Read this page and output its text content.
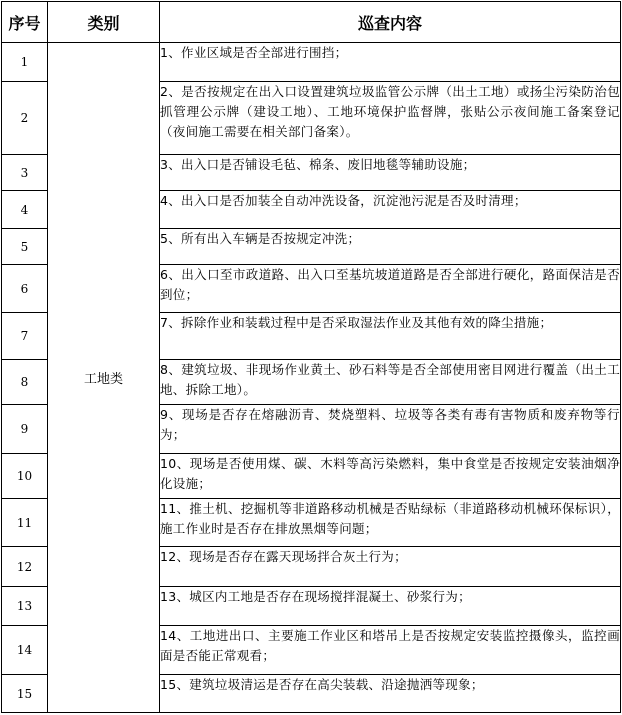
序号	类别	巡查内容
1	工地类	1、作业区域是否全部进行围挡；
2		2、是否按规定在出入口设置建筑垃圾监管公示牌（出土工地）或扬尘污染防治包抓管理公示牌（建设工地）、工地环境保护监督牌，张贴公示夜间施工备案登记（夜间施工需要在相关部门备案）。
3		3、出入口是否铺设毛毡、棉条、废旧地毯等辅助设施；
4		4、出入口是否加装全自动冲洗设备，沉淀池污泥是否及时清理；
5		5、所有出入车辆是否按规定冲洗；
6		6、出入口至市政道路、出入口至基坑坡道道路是否全部进行硬化，路面保洁是否到位；
7		7、拆除作业和装载过程中是否采取湿法作业及其他有效的降尘措施；
8		8、建筑垃圾、非现场作业黄土、砂石料等是否全部使用密目网进行覆盖（出土工地、拆除工地）。
9		9、现场是否存在熔融沥青、焚烧塑料、垃圾等各类有毒有害物质和废弃物等行为；
10		10、现场是否使用煤、碳、木料等高污染燃料，集中食堂是否按规定安装油烟净化设施；
11		11、推土机、挖掘机等非道路移动机械是否贴绿标（非道路移动机械环保标识），施工作业时是否存在排放黑烟等问题；
12		12、现场是否存在露天现场拌合灰土行为；
13		13、城区内工地是否存在现场搅拌混凝土、砂浆行为；
14		14、工地进出口、主要施工作业区和塔吊上是否按规定安装监控摄像头，监控画面是否能正常观看；
15		15、建筑垃圾清运是否存在高尖装载、沿途抛洒等现象；
